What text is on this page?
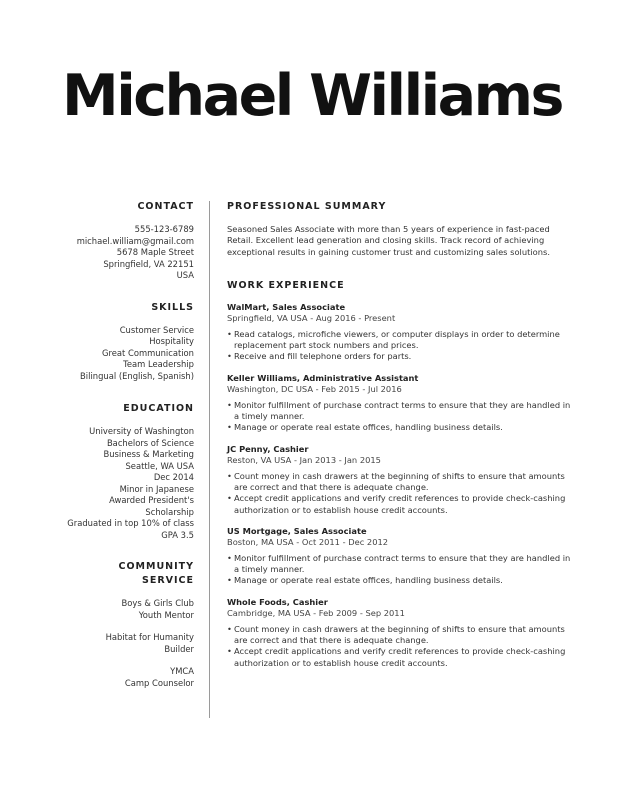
Michael Williams
CONTACT
555-123-6789
michael.william@gmail.com
5678 Maple Street
Springfield, VA 22151
USA
SKILLS
Customer Service
Hospitality
Great Communication
Team Leadership
Bilingual (English, Spanish)
EDUCATION
University of Washington
Bachelors of Science
Business & Marketing
Seattle, WA USA
Dec 2014
Minor in Japanese
Awarded President's
Scholarship
Graduated in top 10% of class
GPA 3.5
COMMUNITY
SERVICE
Boys & Girls Club
Youth Mentor
Habitat for Humanity
Builder
YMCA
Camp Counselor
PROFESSIONAL SUMMARY
Seasoned Sales Associate with more than 5 years of experience in fast-paced Retail. Excellent lead generation and closing skills. Track record of achieving exceptional results in gaining customer trust and customizing sales solutions.
WORK EXPERIENCE
WalMart, Sales Associate
Springfield, VA USA - Aug 2016 - Present
• Read catalogs, microfiche viewers, or computer displays in order to determine replacement part stock numbers and prices.
• Receive and fill telephone orders for parts.
Keller Williams, Administrative Assistant
Washington, DC USA - Feb 2015 - Jul 2016
• Monitor fulfillment of purchase contract terms to ensure that they are handled in a timely manner.
• Manage or operate real estate offices, handling business details.
JC Penny, Cashier
Reston, VA USA - Jan 2013 - Jan 2015
• Count money in cash drawers at the beginning of shifts to ensure that amounts are correct and that there is adequate change.
• Accept credit applications and verify credit references to provide check-cashing authorization or to establish house credit accounts.
US Mortgage, Sales Associate
Boston, MA USA - Oct 2011 - Dec 2012
• Monitor fulfillment of purchase contract terms to ensure that they are handled in a timely manner.
• Manage or operate real estate offices, handling business details.
Whole Foods, Cashier
Cambridge, MA USA - Feb 2009 - Sep 2011
• Count money in cash drawers at the beginning of shifts to ensure that amounts are correct and that there is adequate change.
• Accept credit applications and verify credit references to provide check-cashing authorization or to establish house credit accounts.
